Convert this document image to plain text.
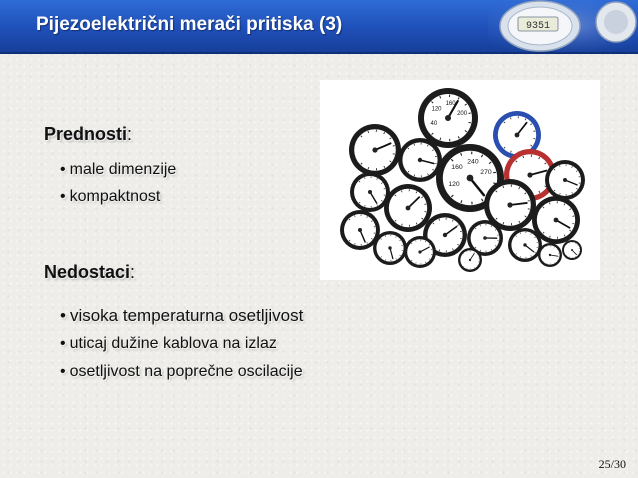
Pijezoelektrični merači pritiska (3)	9351
40
120
160
200
120
160
240
270
Prednosti:
• male dimenzije
• kompaktnost
Nedostaci:
• visoka temperaturna osetljivost
• uticaj dužine kablova na izlaz
• osetljivost na poprečne oscilacije
25/30
